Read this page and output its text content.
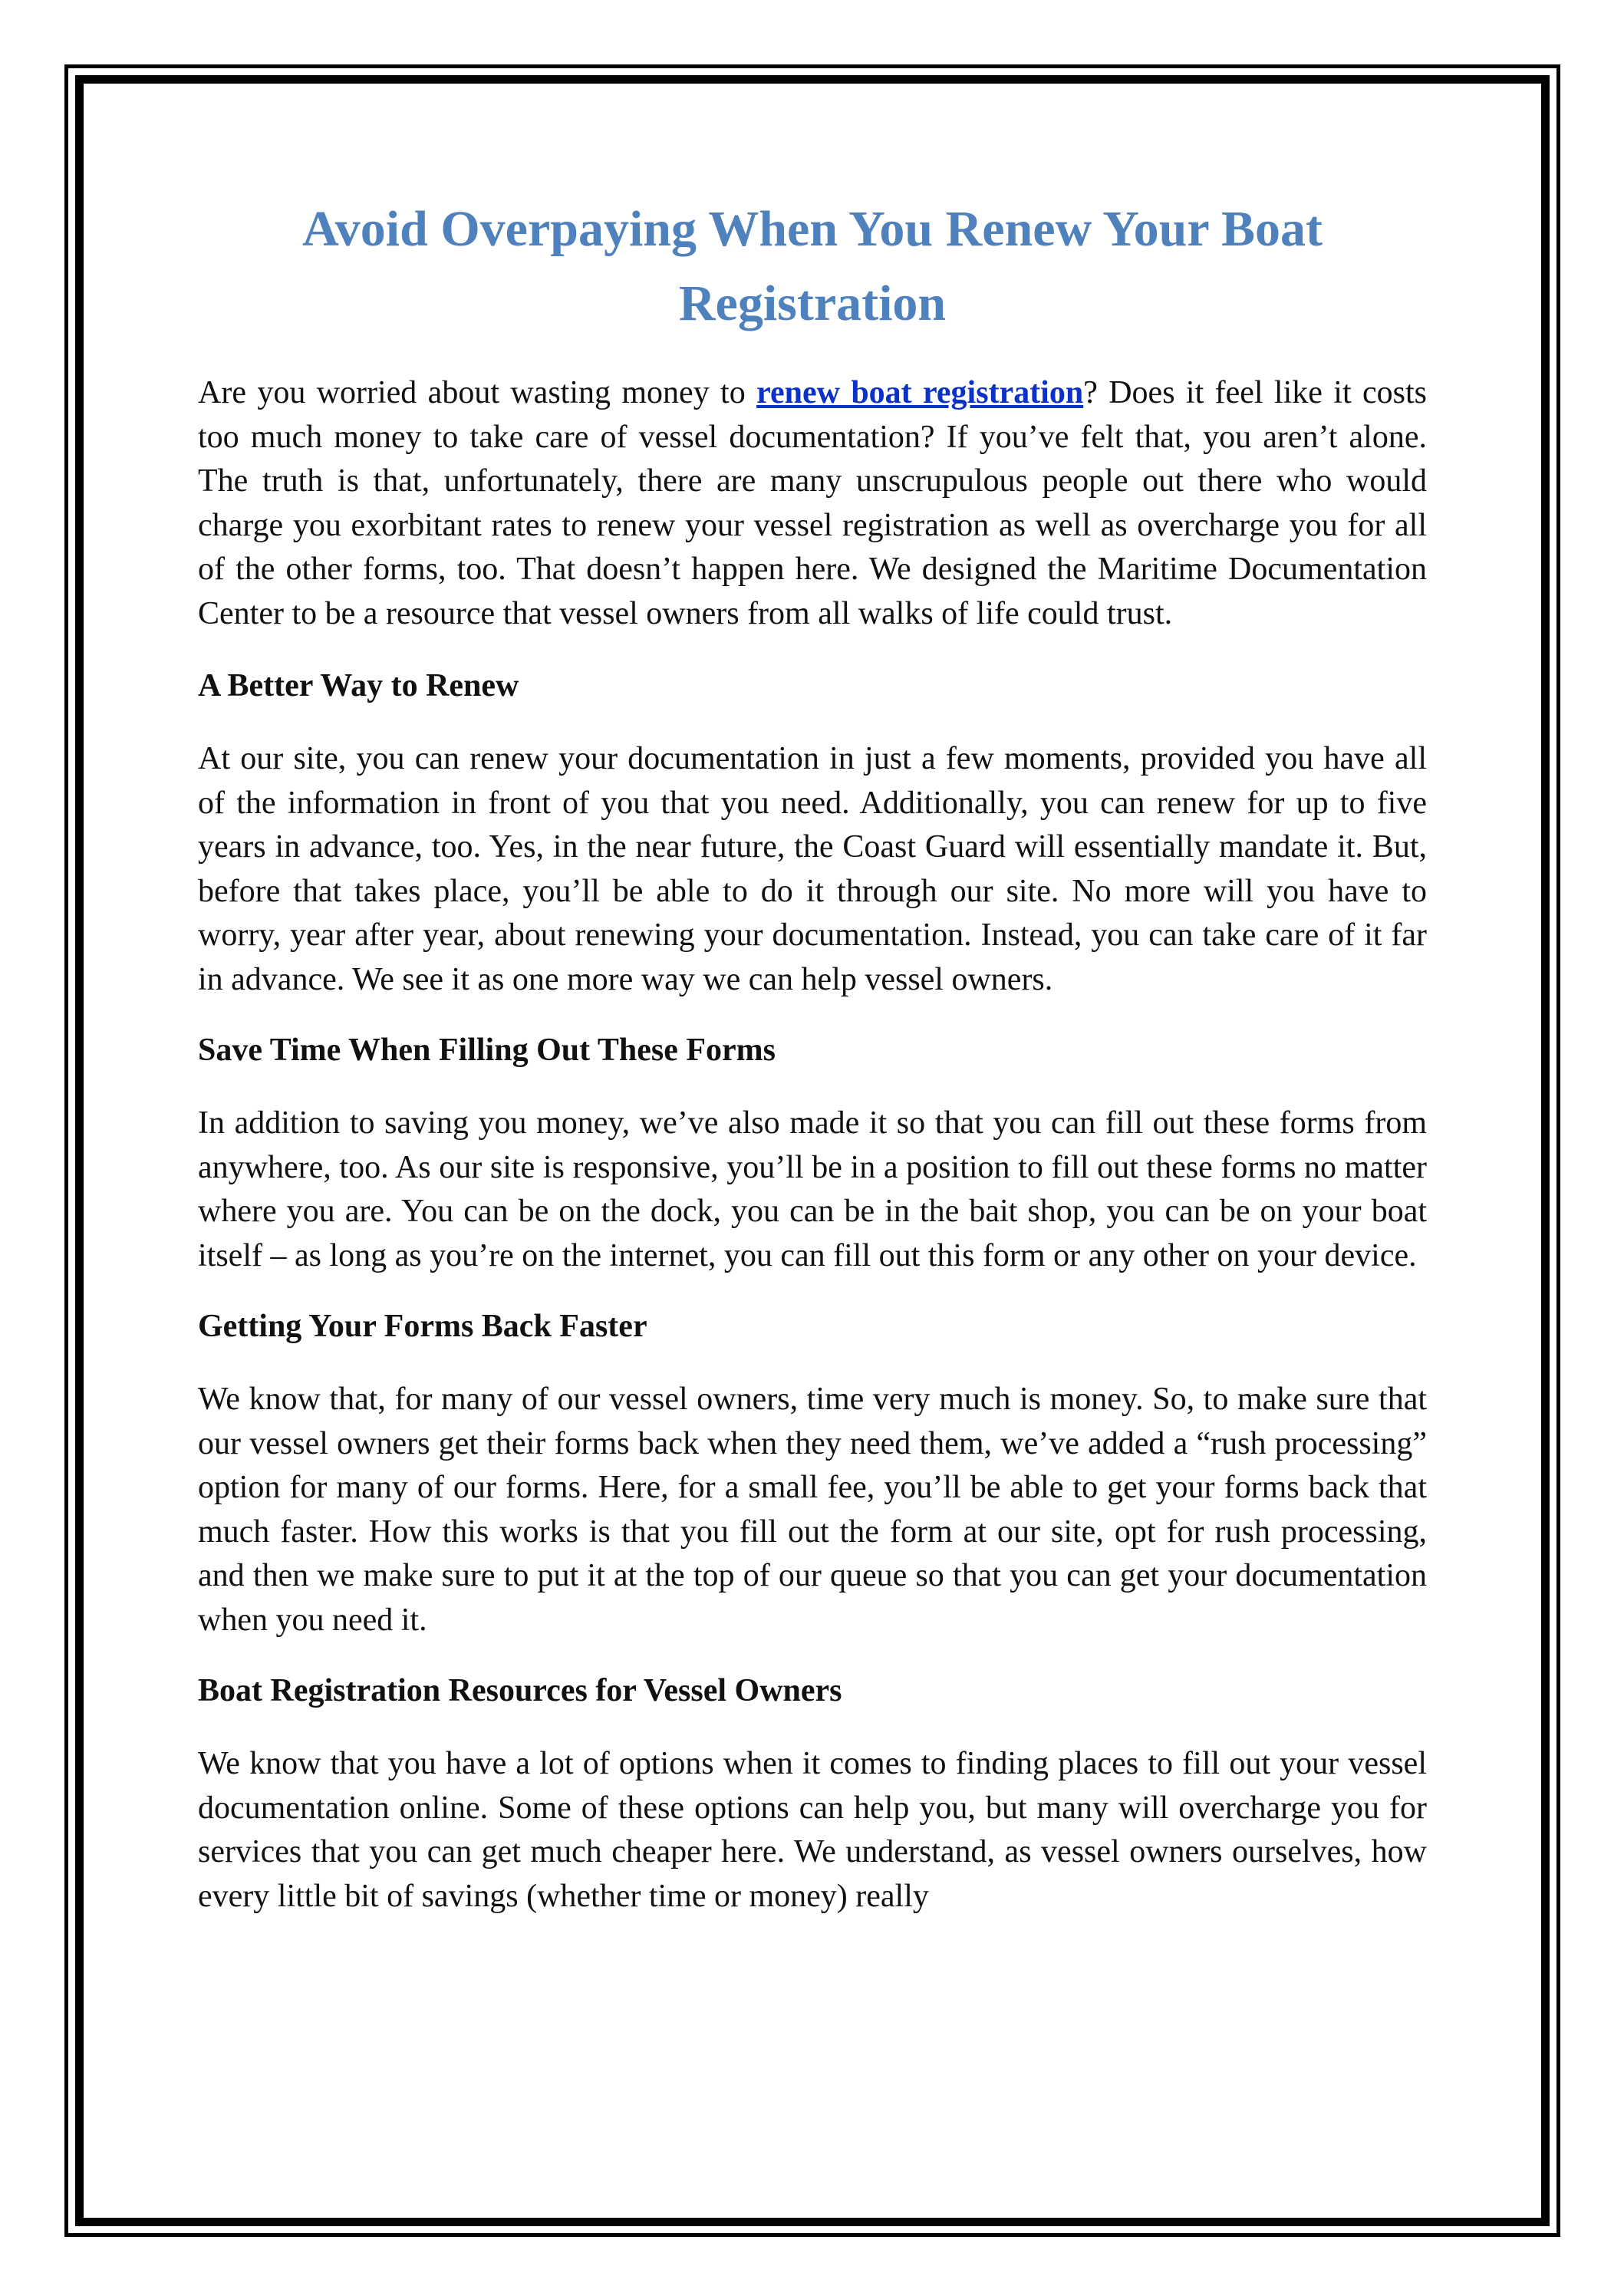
Avoid Overpaying When You Renew Your Boat Registration

Are you worried about wasting money to renew boat registration? Does it feel like it costs too much money to take care of vessel documentation? If you’ve felt that, you aren’t alone. The truth is that, unfortunately, there are many unscrupulous people out there who would charge you exorbitant rates to renew your vessel registration as well as overcharge you for all of the other forms, too. That doesn’t happen here. We designed the Maritime Documentation Center to be a resource that vessel owners from all walks of life could trust.

A Better Way to Renew

At our site, you can renew your documentation in just a few moments, provided you have all of the information in front of you that you need. Additionally, you can renew for up to five years in advance, too. Yes, in the near future, the Coast Guard will essentially mandate it. But, before that takes place, you’ll be able to do it through our site. No more will you have to worry, year after year, about renewing your documentation. Instead, you can take care of it far in advance. We see it as one more way we can help vessel owners.

Save Time When Filling Out These Forms

In addition to saving you money, we’ve also made it so that you can fill out these forms from anywhere, too. As our site is responsive, you’ll be in a position to fill out these forms no matter where you are. You can be on the dock, you can be in the bait shop, you can be on your boat itself – as long as you’re on the internet, you can fill out this form or any other on your device.

Getting Your Forms Back Faster

We know that, for many of our vessel owners, time very much is money. So, to make sure that our vessel owners get their forms back when they need them, we’ve added a “rush processing” option for many of our forms. Here, for a small fee, you’ll be able to get your forms back that much faster. How this works is that you fill out the form at our site, opt for rush processing, and then we make sure to put it at the top of our queue so that you can get your documentation when you need it.

Boat Registration Resources for Vessel Owners

We know that you have a lot of options when it comes to finding places to fill out your vessel documentation online. Some of these options can help you, but many will overcharge you for services that you can get much cheaper here. We understand, as vessel owners ourselves, how every little bit of savings (whether time or money) really
